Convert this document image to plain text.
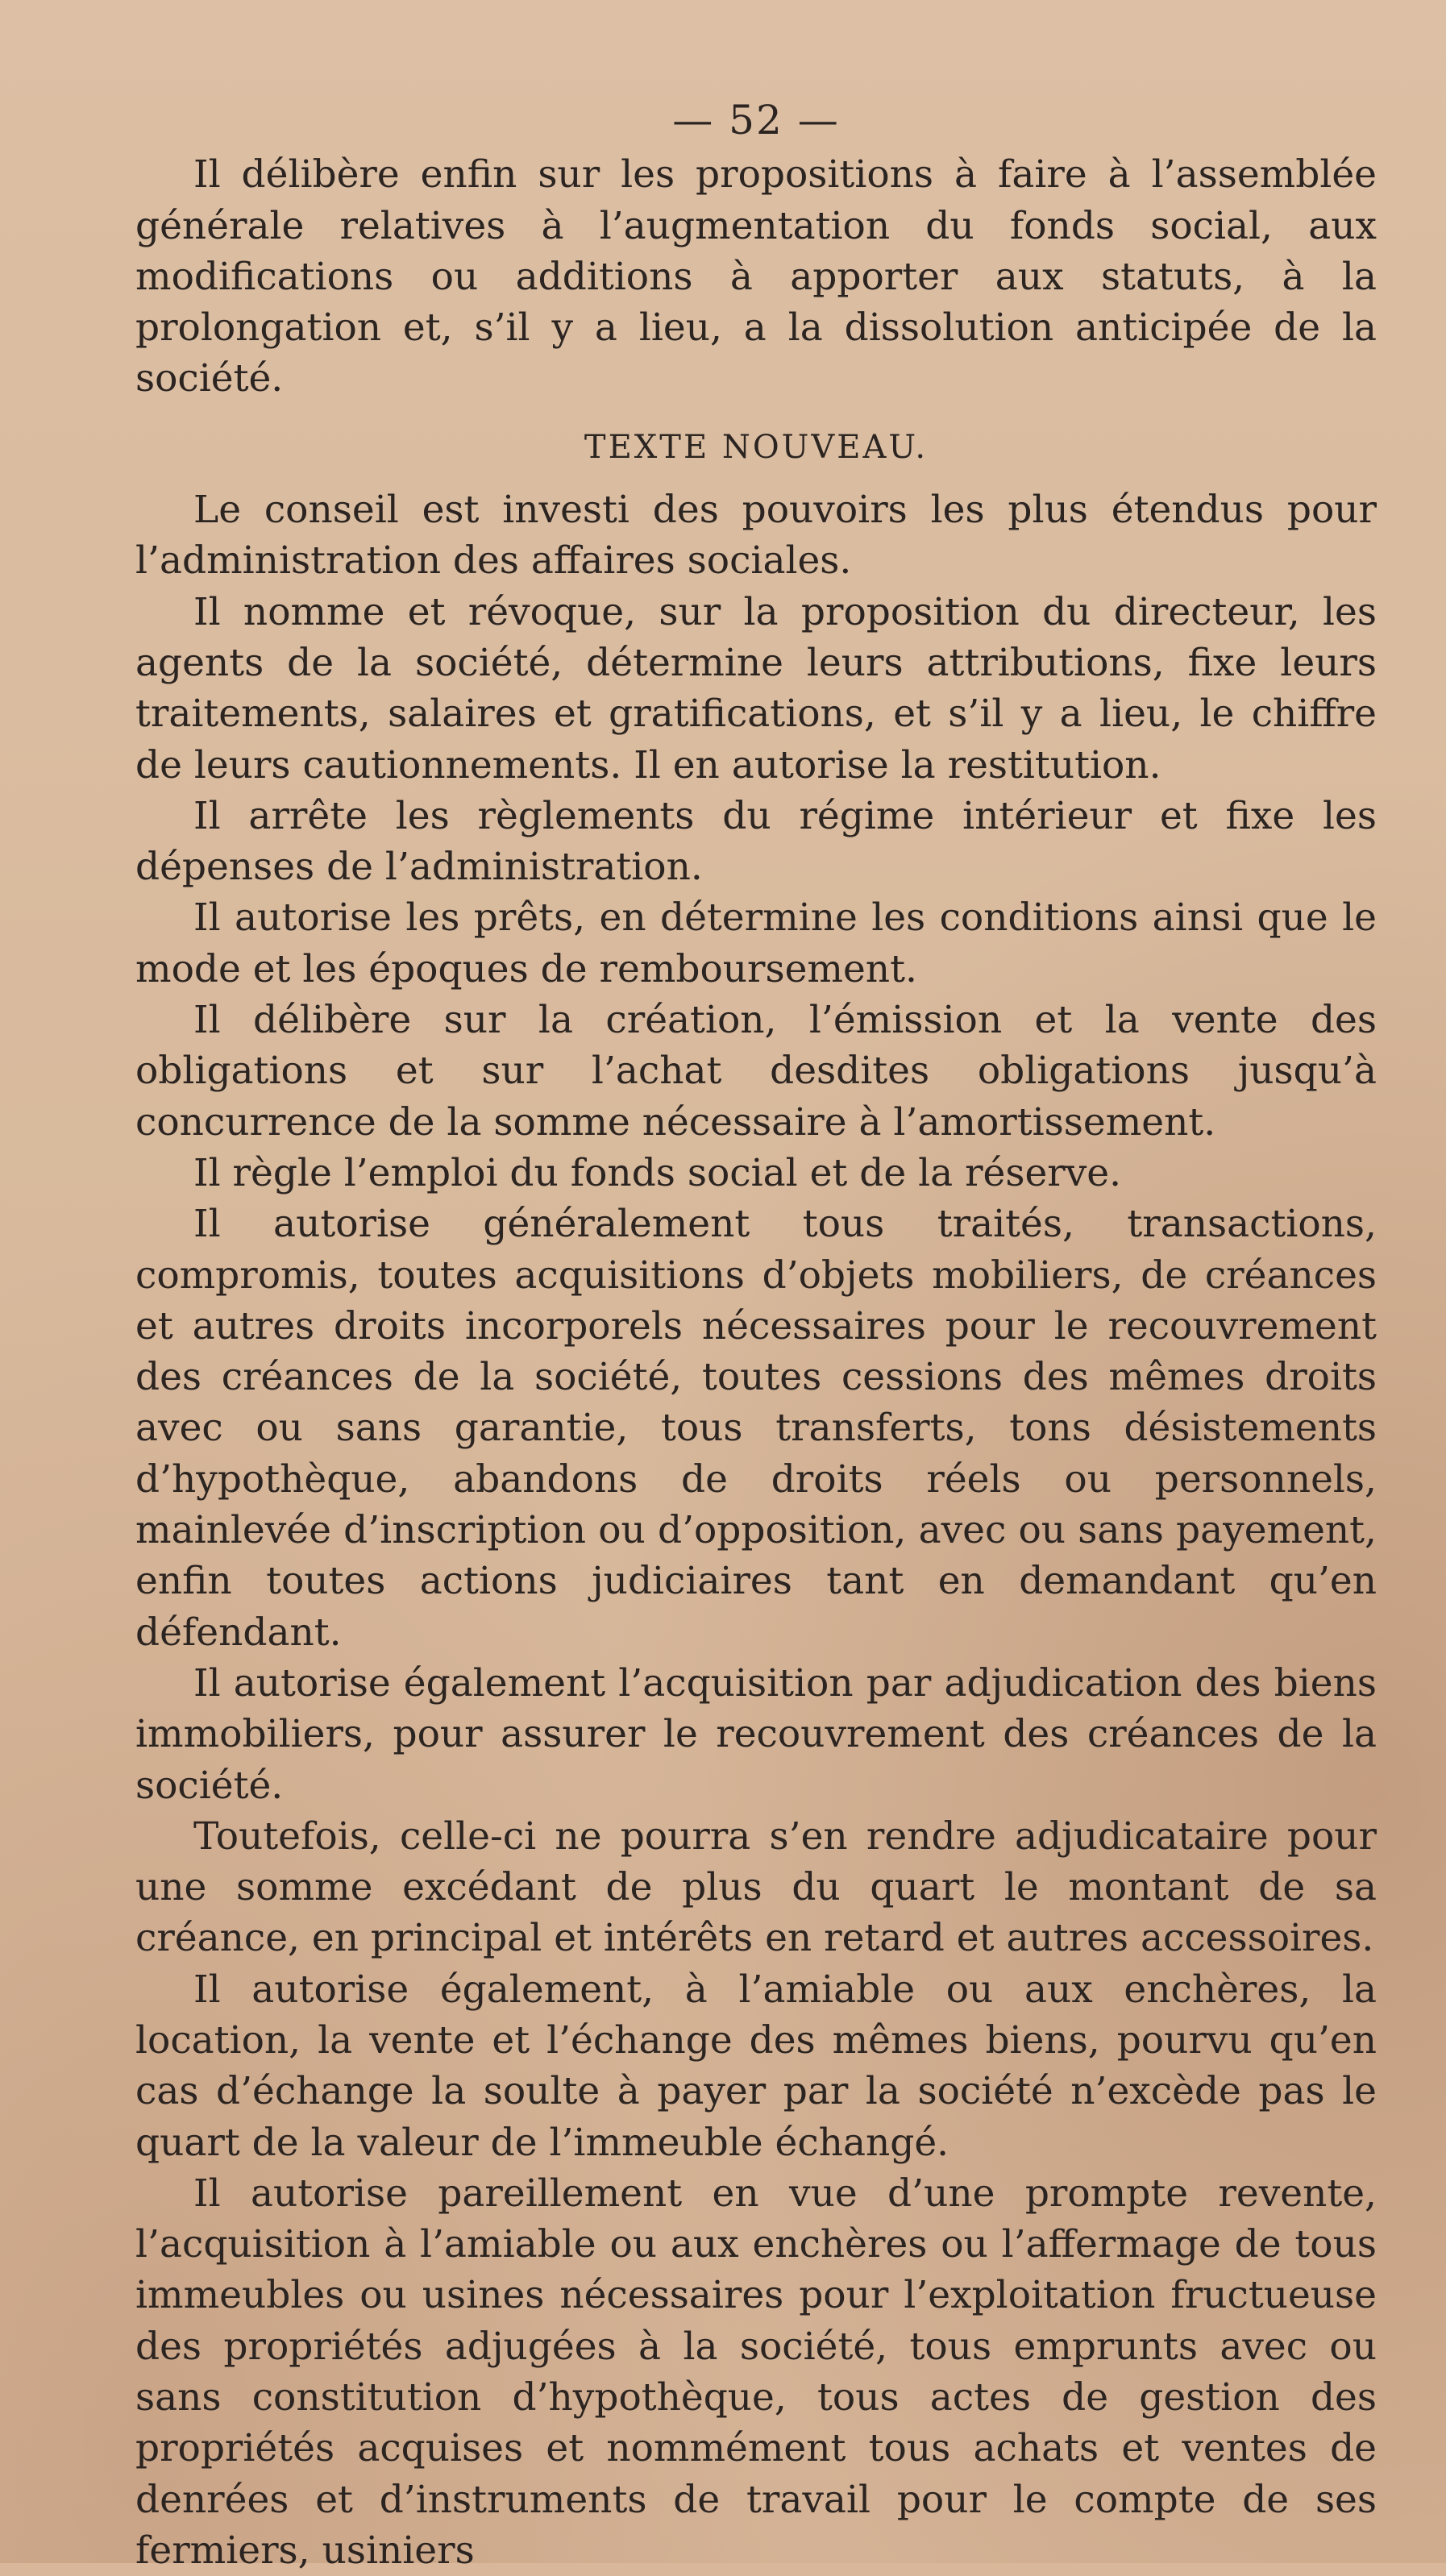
— 52 —

Il délibère enfin sur les propositions à faire à l’assemblée générale relatives à l’augmentation du fonds social, aux modifications ou additions à apporter aux statuts, à la prolongation et, s’il y a lieu, a la dissolution anticipée de la société.

TEXTE NOUVEAU.

Le conseil est investi des pouvoirs les plus étendus pour l’administration des affaires sociales.

Il nomme et révoque, sur la proposition du directeur, les agents de la société, détermine leurs attributions, fixe leurs traitements, salaires et gratifications, et s’il y a lieu, le chiffre de leurs cautionnements. Il en autorise la restitution.

Il arrête les règlements du régime intérieur et fixe les dépenses de l’administration.

Il autorise les prêts, en détermine les conditions ainsi que le mode et les époques de remboursement.

Il délibère sur la création, l’émission et la vente des obligations et sur l’achat desdites obligations jusqu’à concurrence de la somme nécessaire à l’amortissement.

Il règle l’emploi du fonds social et de la réserve.

Il autorise généralement tous traités, transactions, compromis, toutes acquisitions d’objets mobiliers, de créances et autres droits incorporels nécessaires pour le recouvrement des créances de la société, toutes cessions des mêmes droits avec ou sans garantie, tous transferts, tons désistements d’hypothèque, abandons de droits réels ou personnels, mainlevée d’inscription ou d’opposition, avec ou sans payement, enfin toutes actions judiciaires tant en demandant qu’en défendant.

Il autorise également l’acquisition par adjudication des biens immobiliers, pour assurer le recouvrement des créances de la société.

Toutefois, celle-ci ne pourra s’en rendre adjudicataire pour une somme excédant de plus du quart le montant de sa créance, en principal et intérêts en retard et autres accessoires.

Il autorise également, à l’amiable ou aux enchères, la location, la vente et l’échange des mêmes biens, pourvu qu’en cas d’échange la soulte à payer par la société n’excède pas le quart de la valeur de l’immeuble échangé.

Il autorise pareillement en vue d’une prompte revente, l’acquisition à l’amiable ou aux enchères ou l’affermage de tous immeubles ou usines nécessaires pour l’exploitation fructueuse des propriétés adjugées à la société, tous emprunts avec ou sans constitution d’hypothèque, tous actes de gestion des propriétés acquises et nommément tous achats et ventes de denrées et d’instruments de travail pour le compte de ses fermiers, usiniers
